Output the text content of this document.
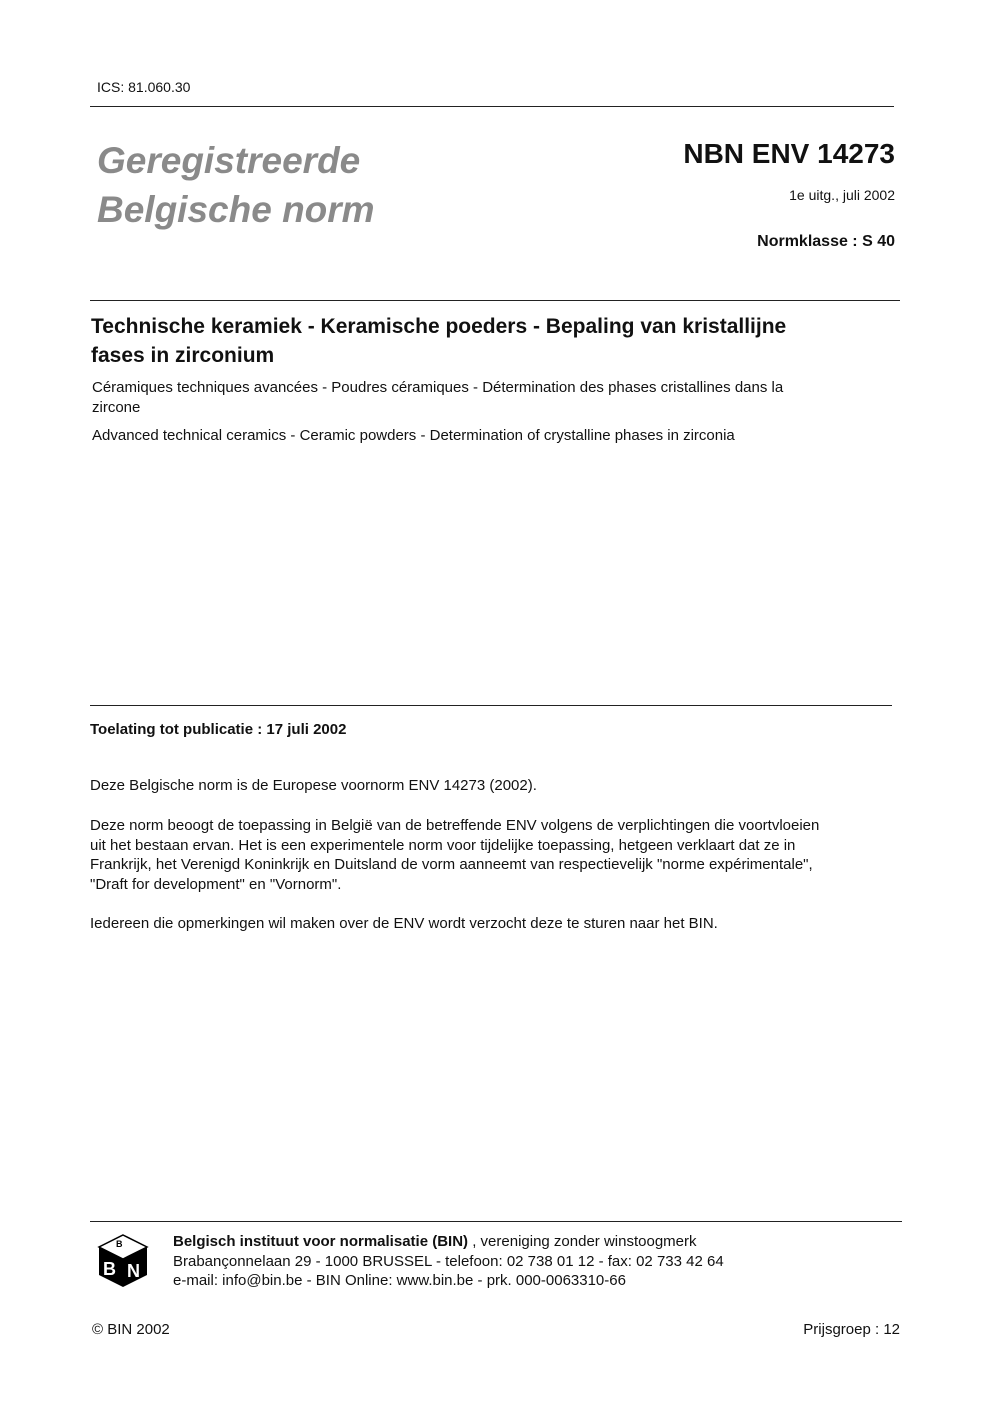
ICS: 81.060.30
Geregistreerde
Belgische norm
NBN ENV 14273
1e uitg., juli 2002
Normklasse : S 40
Technische keramiek - Keramische poeders - Bepaling van kristallijne
fases in zirconium
Céramiques techniques avancées - Poudres céramiques - Détermination des phases cristallines dans la
zircone
Advanced technical ceramics - Ceramic powders - Determination of crystalline phases in zirconia
Toelating tot publicatie : 17 juli 2002
Deze Belgische norm is de Europese voornorm ENV 14273 (2002).
Deze norm beoogt de toepassing in België van de betreffende ENV volgens de verplichtingen die voortvloeien
uit het bestaan ervan. Het is een experimentele norm voor tijdelijke toepassing, hetgeen verklaart dat ze in
Frankrijk, het Verenigd Koninkrijk en Duitsland de vorm aanneemt van respectievelijk "norme expérimentale",
"Draft for development" en "Vornorm".
Iedereen die opmerkingen wil maken over de ENV wordt verzocht deze te sturen naar het BIN.
B
B N
Belgisch instituut voor normalisatie (BIN) , vereniging zonder winstoogmerk
Brabançonnelaan 29 - 1000 BRUSSEL - telefoon: 02 738 01 12 - fax: 02 733 42 64
e-mail: info@bin.be - BIN Online: www.bin.be - prk. 000-0063310-66
© BIN 2002	Prijsgroep : 12
